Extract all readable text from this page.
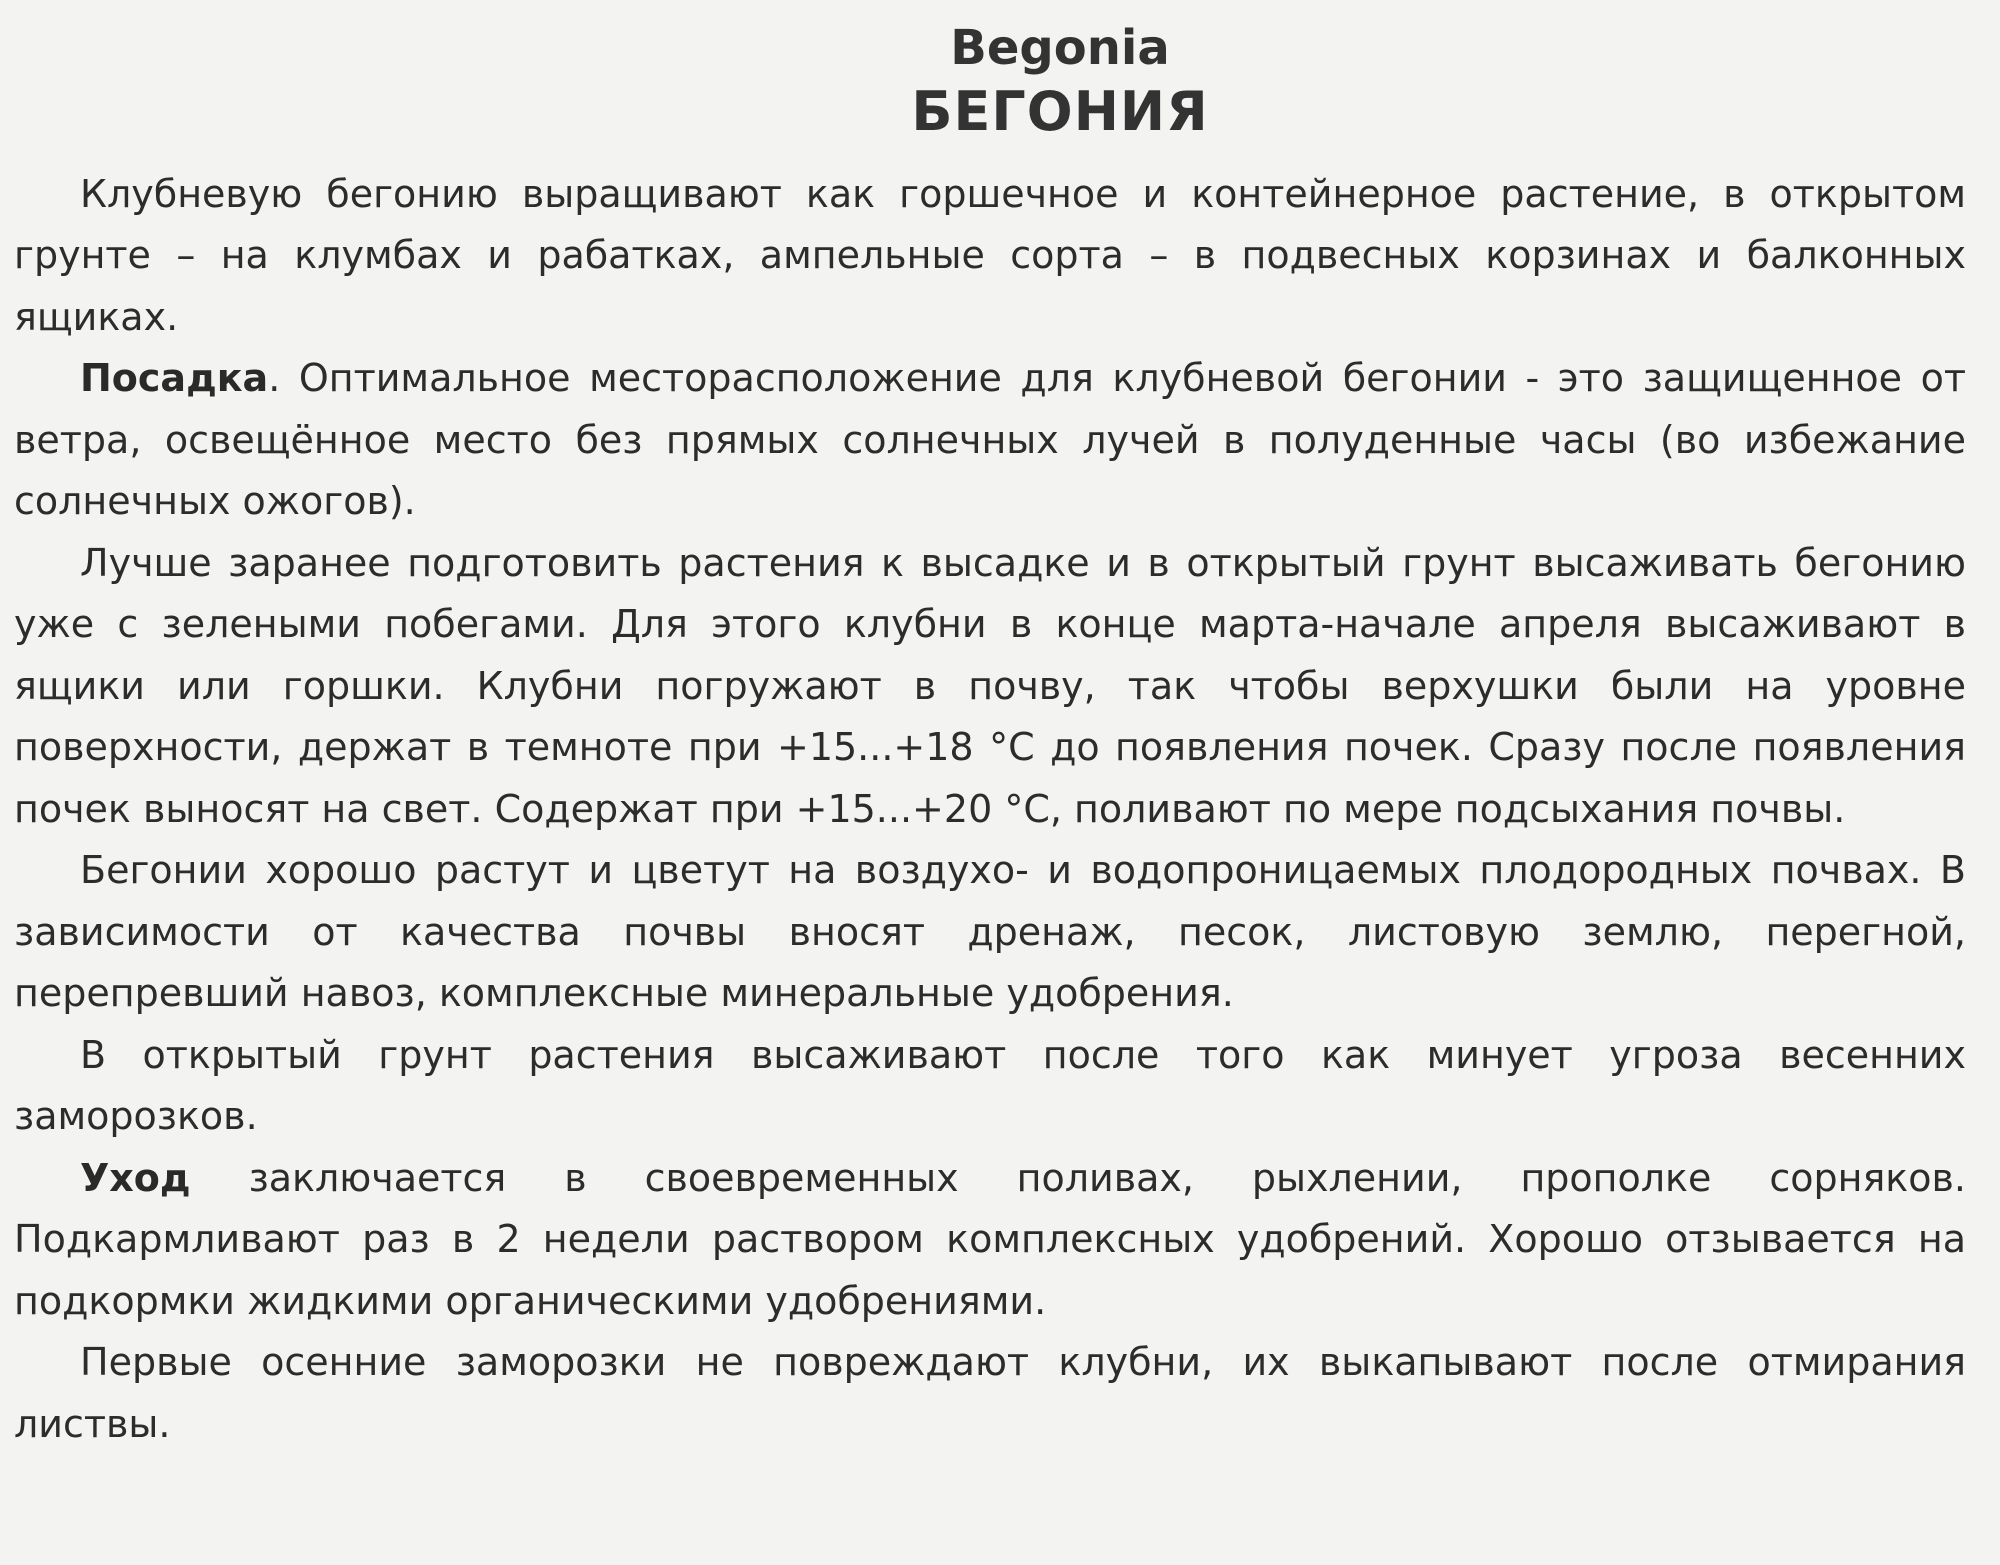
Begonia
БЕГОНИЯ

Клубневую бегонию выращивают как горшечное и контейнерное растение, в открытом грунте – на клумбах и рабатках, ампельные сорта – в подвесных корзинах и балконных ящиках.

Посадка. Оптимальное месторасположение для клубневой бегонии - это защищенное от ветра, освещённое место без прямых солнечных лучей в полуденные часы (во избежание солнечных ожогов).

Лучше заранее подготовить растения к высадке и в открытый грунт высаживать бегонию уже с зелеными побегами. Для этого клубни в конце марта-начале апреля высаживают в ящики или горшки. Клубни погружают в почву, так чтобы верхушки были на уровне поверхности, держат в темноте при +15...+18 °С до появления почек. Сразу после появления почек выносят на свет. Содержат при +15...+20 °С, поливают по мере подсыхания почвы.

Бегонии хорошо растут и цветут на воздухо- и водопроницаемых плодородных почвах. В зависимости от качества почвы вносят дренаж, песок, листовую землю, перегной, перепревший навоз, комплексные минеральные удобрения.

В открытый грунт растения высаживают после того как минует угроза весенних заморозков.

Уход заключается в своевременных поливах, рыхлении, прополке сорняков. Подкармливают раз в 2 недели раствором комплексных удобрений. Хорошо отзывается на подкормки жидкими органическими удобрениями.

Первые осенние заморозки не повреждают клубни, их выкапывают после отмирания листвы.
